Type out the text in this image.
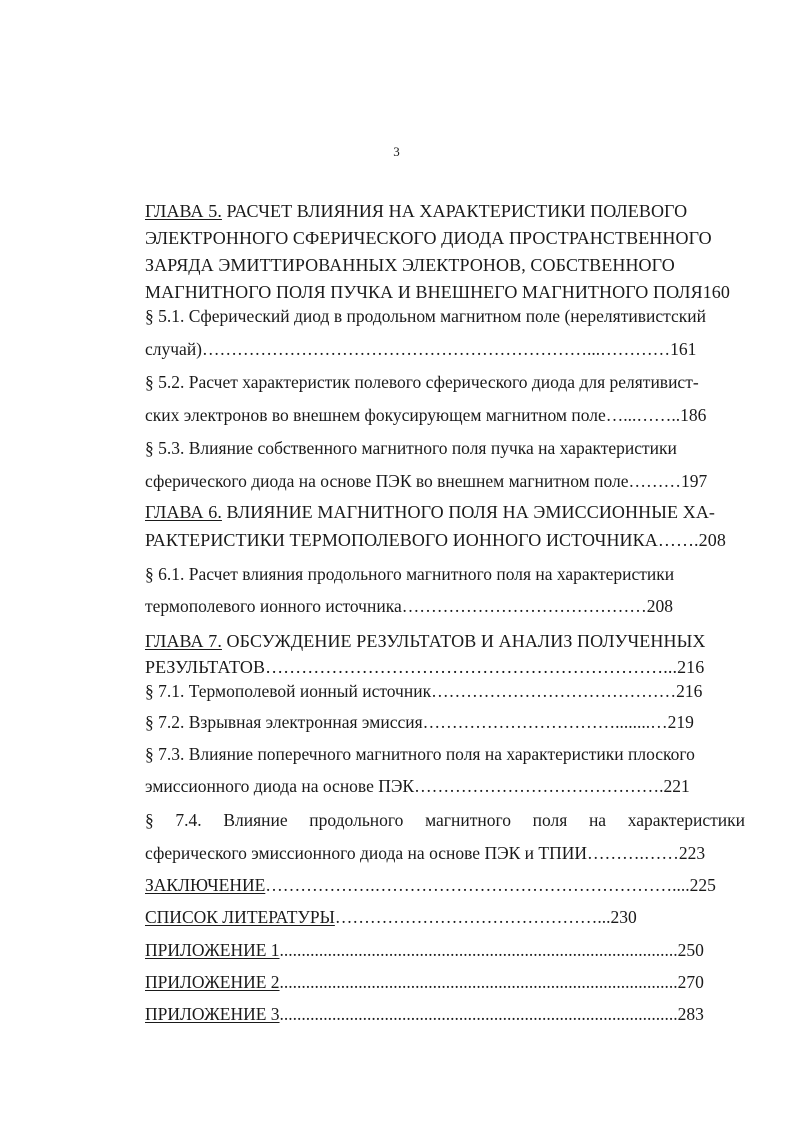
3
ГЛАВА 5. РАСЧЕТ ВЛИЯНИЯ НА ХАРАКТЕРИСТИКИ ПОЛЕВОГО
ЭЛЕКТРОННОГО СФЕРИЧЕСКОГО ДИОДА ПРОСТРАНСТВЕННОГО
ЗАРЯДА ЭМИТТИРОВАННЫХ ЭЛЕКТРОНОВ, СОБСТВЕННОГО
МАГНИТНОГО ПОЛЯ ПУЧКА И ВНЕШНЕГО МАГНИТНОГО ПОЛЯ160
§ 5.1. Сферический диод в продольном магнитном поле (нерелятивистский
случай)…………………………………………………………...…………161
§ 5.2. Расчет характеристик полевого сферического диода для релятивист-
ских электронов во внешнем фокусирующем магнитном поле…...……..186
§ 5.3. Влияние собственного магнитного поля пучка на характеристики
сферического диода на основе ПЭК во внешнем магнитном поле………197
ГЛАВА 6. ВЛИЯНИЕ МАГНИТНОГО ПОЛЯ НА ЭМИССИОННЫЕ ХА-
РАКТЕРИСТИКИ ТЕРМОПОЛЕВОГО ИОННОГО ИСТОЧНИКА…….208
§ 6.1. Расчет влияния продольного магнитного поля на характеристики
термополевого ионного источника……………………………………208
ГЛАВА 7. ОБСУЖДЕНИЕ РЕЗУЛЬТАТОВ И АНАЛИЗ ПОЛУЧЕННЫХ
РЕЗУЛЬТАТОВ…………………………………………………………...216
§ 7.1. Термополевой ионный источник……………………………………216
§ 7.2. Взрывная электронная эмиссия……………………………........…219
§ 7.3. Влияние поперечного магнитного поля на характеристики плоского
эмиссионного диода на основе ПЭК…………………………………….221
§ 7.4. Влияние продольного магнитного поля на характеристики
сферического эмиссионного диода на основе ПЭК и ТПИИ……….……223
ЗАКЛЮЧЕНИЕ……………….……………………………………………....225
СПИСОК ЛИТЕРАТУРЫ………………………………………...230
ПРИЛОЖЕНИЕ 1...........................................................................................250
ПРИЛОЖЕНИЕ 2...........................................................................................270
ПРИЛОЖЕНИЕ 3...........................................................................................283
